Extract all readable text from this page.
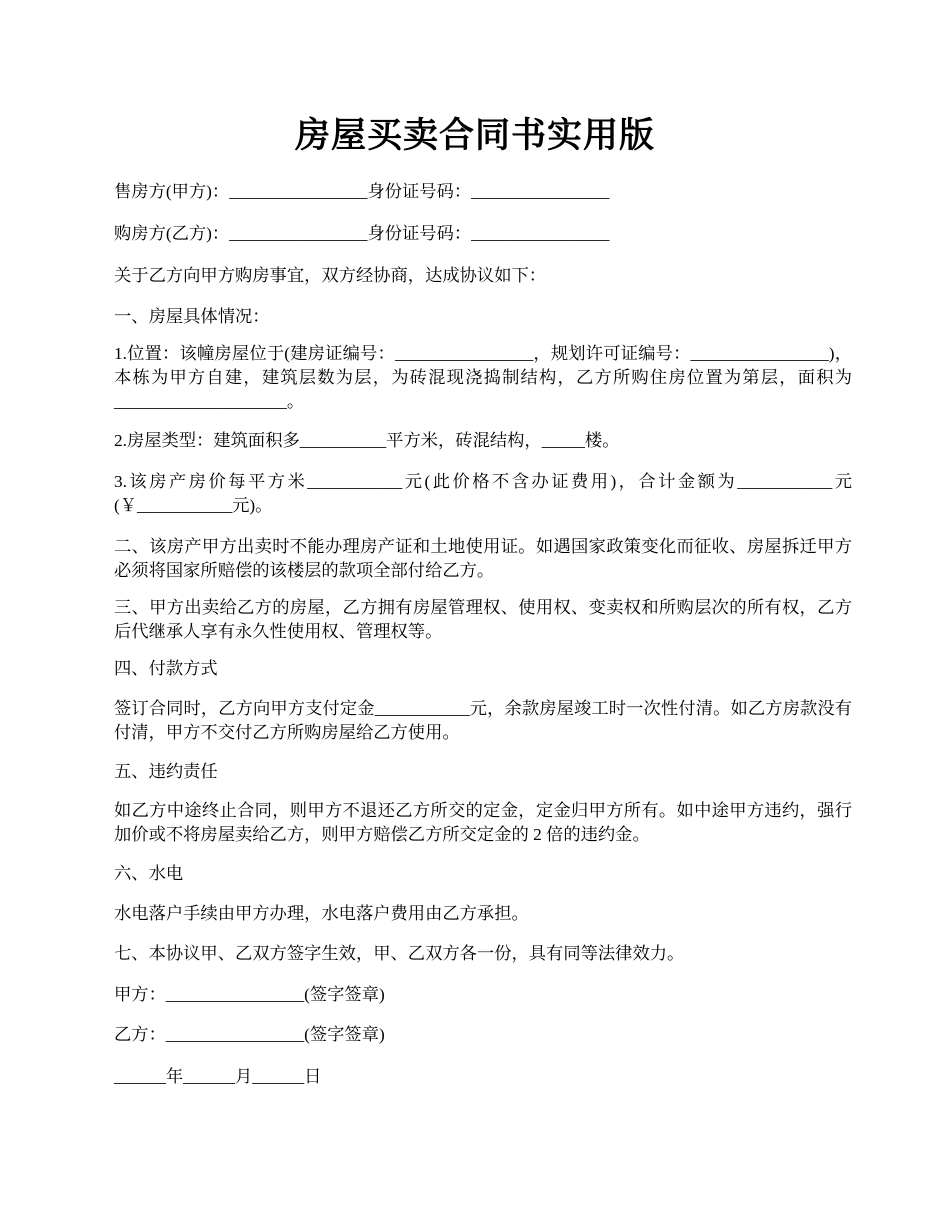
房屋买卖合同书实用版

售房方(甲方)：________________身份证号码：________________

购房方(乙方)：________________身份证号码：________________

关于乙方向甲方购房事宜，双方经协商，达成协议如下：

一、房屋具体情况：

1.位置：该幢房屋位于(建房证编号：________________，规划许可证编号：________________)，本栋为甲方自建，建筑层数为层，为砖混现浇捣制结构，乙方所购住房位置为第层，面积为____________________。

2.房屋类型：建筑面积多__________平方米，砖混结构，_____楼。

3.该房产房价每平方米___________元(此价格不含办证费用)，合计金额为___________元(￥___________元)。

二、该房产甲方出卖时不能办理房产证和土地使用证。如遇国家政策变化而征收、房屋拆迁甲方必须将国家所赔偿的该楼层的款项全部付给乙方。

三、甲方出卖给乙方的房屋，乙方拥有房屋管理权、使用权、变卖权和所购层次的所有权，乙方后代继承人享有永久性使用权、管理权等。

四、付款方式

签订合同时，乙方向甲方支付定金___________元，余款房屋竣工时一次性付清。如乙方房款没有付清，甲方不交付乙方所购房屋给乙方使用。

五、违约责任

如乙方中途终止合同，则甲方不退还乙方所交的定金，定金归甲方所有。如中途甲方违约，强行加价或不将房屋卖给乙方，则甲方赔偿乙方所交定金的 2 倍的违约金。

六、水电

水电落户手续由甲方办理，水电落户费用由乙方承担。

七、本协议甲、乙双方签字生效，甲、乙双方各一份，具有同等法律效力。

甲方：________________(签字签章)

乙方：________________(签字签章)

______年______月______日
